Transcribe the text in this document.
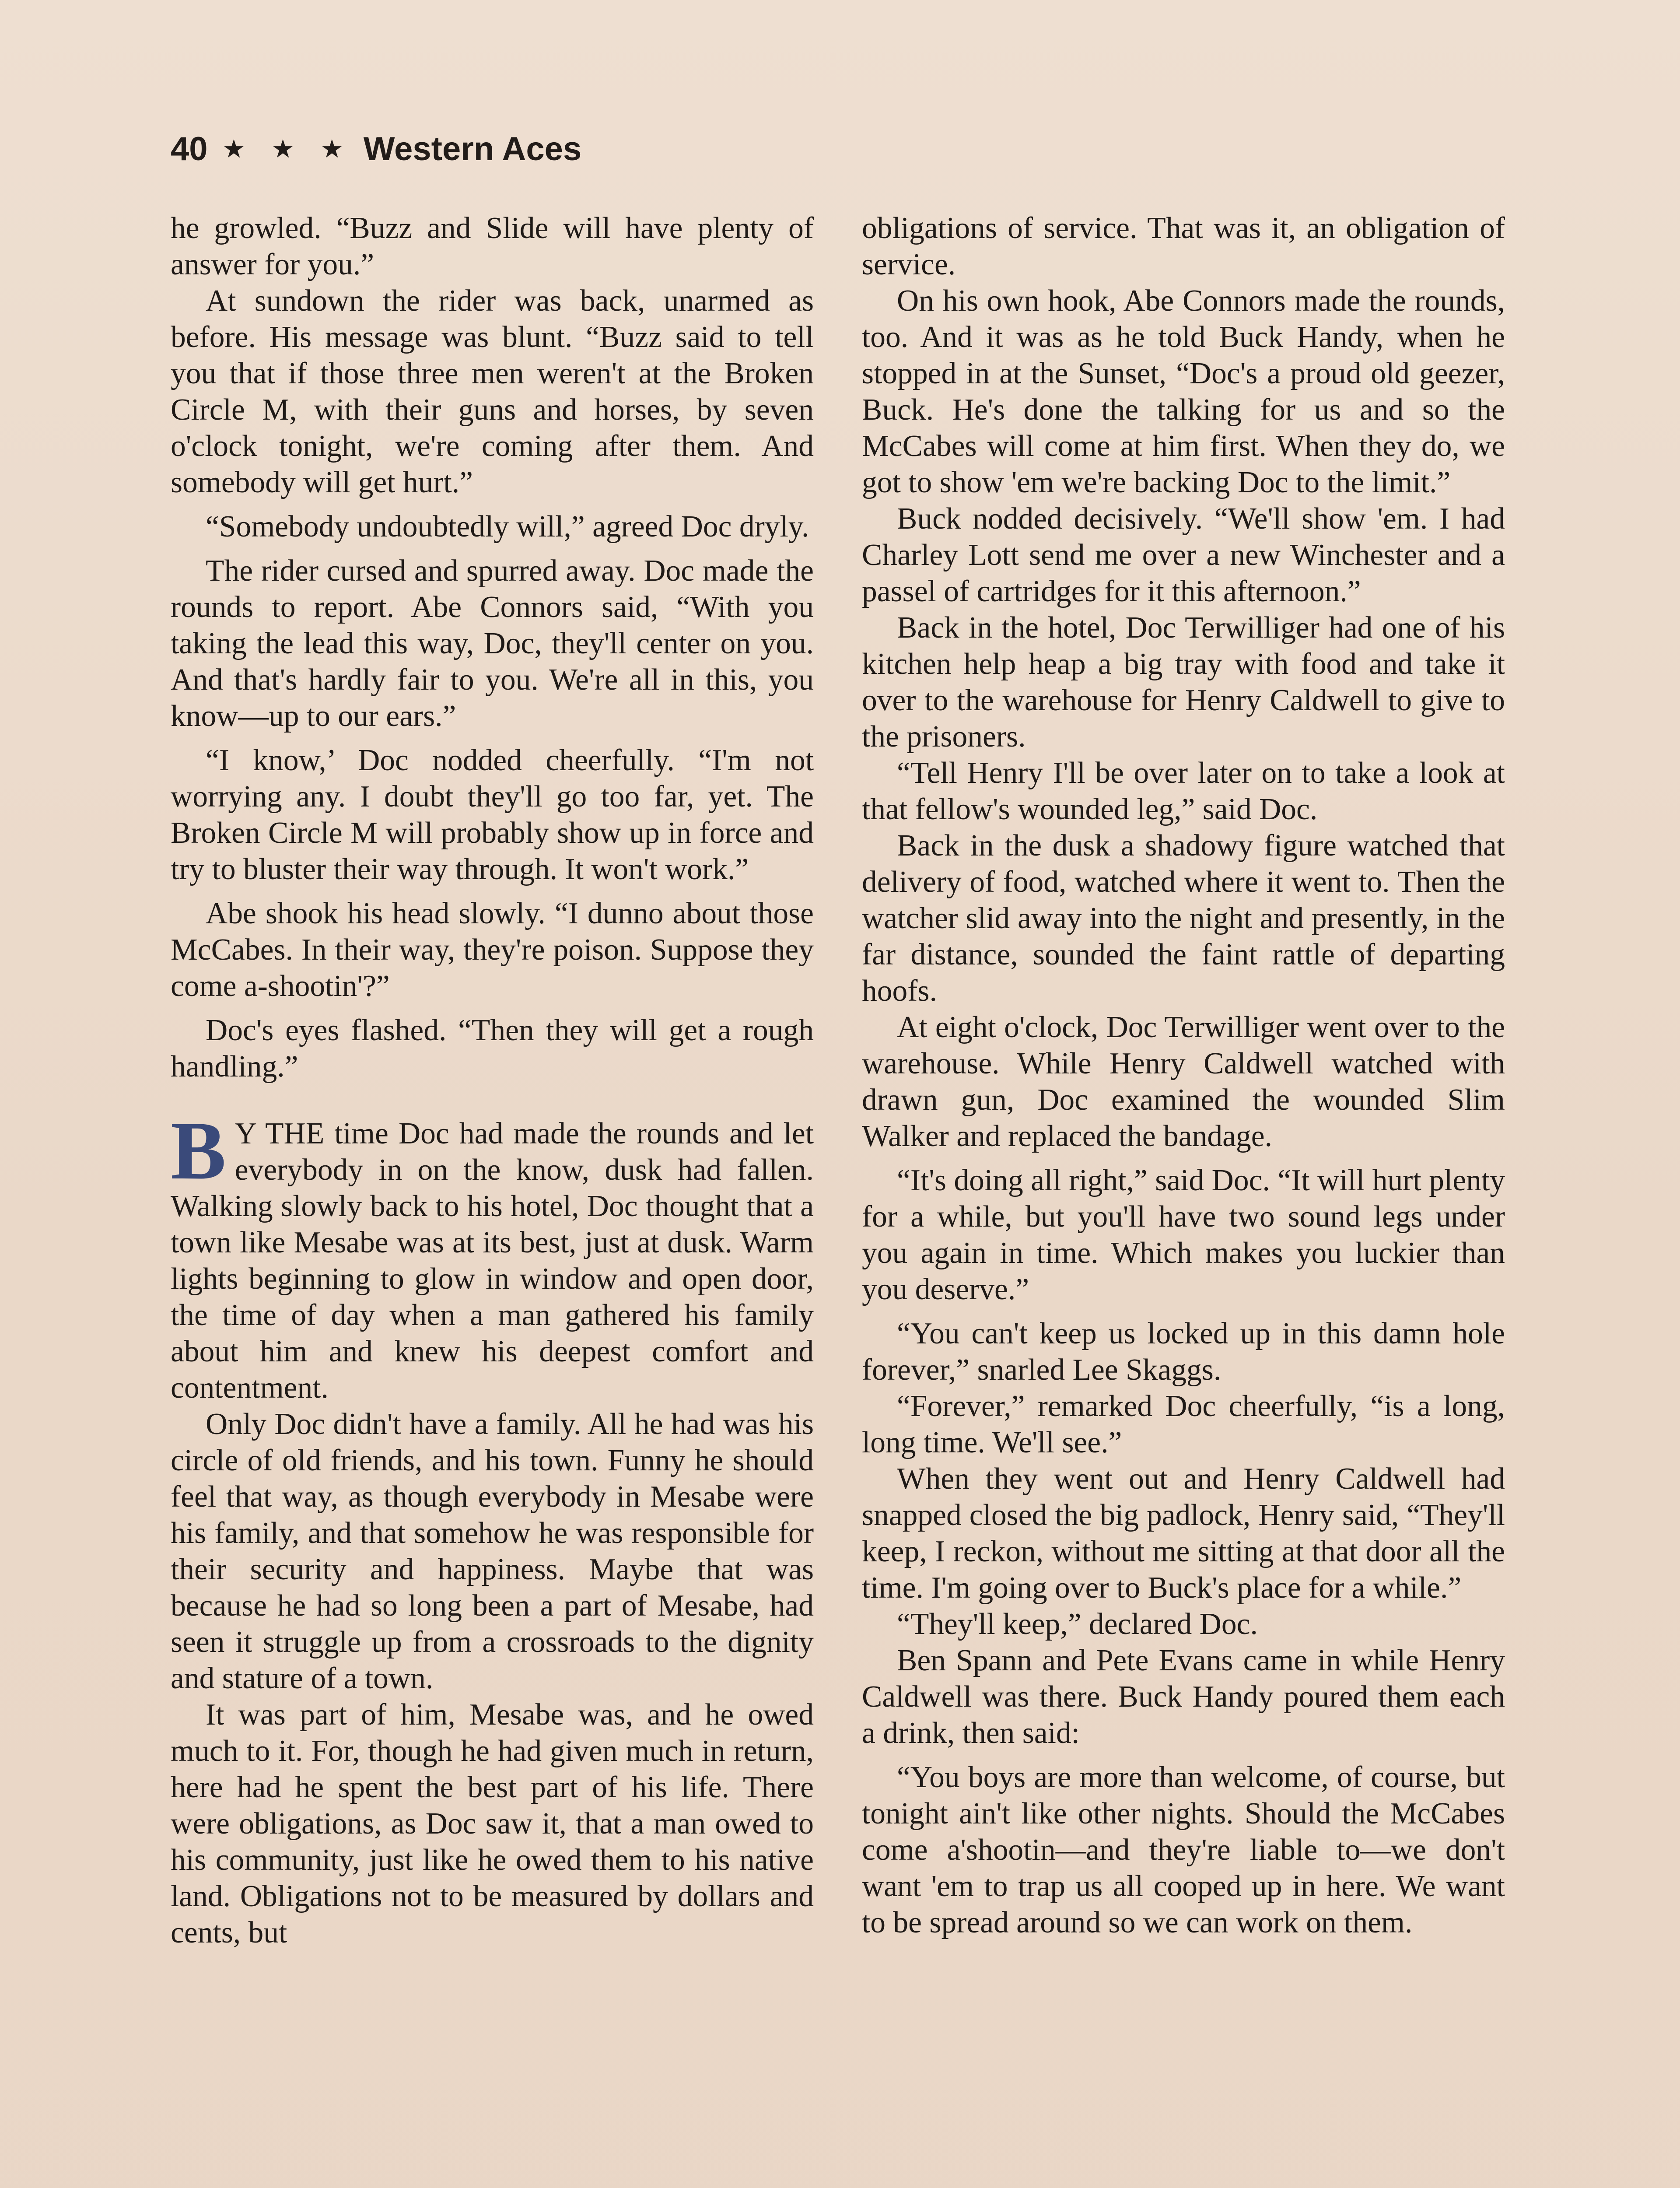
40 ★ ★ ★ Western Aces

he growled. “Buzz and Slide will have plenty of answer for you.”

At sundown the rider was back, unarmed as before. His message was blunt. “Buzz said to tell you that if those three men weren't at the Broken Circle M, with their guns and horses, by seven o'clock tonight, we're coming after them. And somebody will get hurt.”

“Somebody undoubtedly will,” agreed Doc dryly.

The rider cursed and spurred away. Doc made the rounds to report. Abe Connors said, “With you taking the lead this way, Doc, they'll center on you. And that's hardly fair to you. We're all in this, you know—up to our ears.”

“I know,’ Doc nodded cheerfully. “I'm not worrying any. I doubt they'll go too far, yet. The Broken Circle M will probably show up in force and try to bluster their way through. It won't work.”

Abe shook his head slowly. “I dunno about those McCabes. In their way, they're poison. Suppose they come a-shootin'?”

Doc's eyes flashed. “Then they will get a rough handling.”

B Y THE time Doc had made the rounds and let everybody in on the know, dusk had fallen. Walking slowly back to his hotel, Doc thought that a town like Mesabe was at its best, just at dusk. Warm lights beginning to glow in window and open door, the time of day when a man gathered his family about him and knew his deepest comfort and contentment.

Only Doc didn't have a family. All he had was his circle of old friends, and his town. Funny he should feel that way, as though everybody in Mesabe were his family, and that somehow he was responsible for their security and happiness. Maybe that was because he had so long been a part of Mesabe, had seen it struggle up from a crossroads to the dignity and stature of a town.

It was part of him, Mesabe was, and he owed much to it. For, though he had given much in return, here had he spent the best part of his life. There were obligations, as Doc saw it, that a man owed to his community, just like he owed them to his native land. Obligations not to be measured by dollars and cents, but

obligations of service. That was it, an obligation of service.

On his own hook, Abe Connors made the rounds, too. And it was as he told Buck Handy, when he stopped in at the Sunset, “Doc's a proud old geezer, Buck. He's done the talking for us and so the McCabes will come at him first. When they do, we got to show 'em we're backing Doc to the limit.”

Buck nodded decisively. “We'll show 'em. I had Charley Lott send me over a new Winchester and a passel of cartridges for it this afternoon.”

Back in the hotel, Doc Terwilliger had one of his kitchen help heap a big tray with food and take it over to the warehouse for Henry Caldwell to give to the prisoners.

“Tell Henry I'll be over later on to take a look at that fellow's wounded leg,” said Doc.

Back in the dusk a shadowy figure watched that delivery of food, watched where it went to. Then the watcher slid away into the night and presently, in the far distance, sounded the faint rattle of departing hoofs.

At eight o'clock, Doc Terwilliger went over to the warehouse. While Henry Caldwell watched with drawn gun, Doc examined the wounded Slim Walker and replaced the bandage.

“It's doing all right,” said Doc. “It will hurt plenty for a while, but you'll have two sound legs under you again in time. Which makes you luckier than you deserve.”

“You can't keep us locked up in this damn hole forever,” snarled Lee Skaggs.

“Forever,” remarked Doc cheerfully, “is a long, long time. We'll see.”

When they went out and Henry Caldwell had snapped closed the big padlock, Henry said, “They'll keep, I reckon, without me sitting at that door all the time. I'm going over to Buck's place for a while.”

“They'll keep,” declared Doc.

Ben Spann and Pete Evans came in while Henry Caldwell was there. Buck Handy poured them each a drink, then said:

“You boys are more than welcome, of course, but tonight ain't like other nights. Should the McCabes come a'shootin—and they're liable to—we don't want 'em to trap us all cooped up in here. We want to be spread around so we can work on them.
